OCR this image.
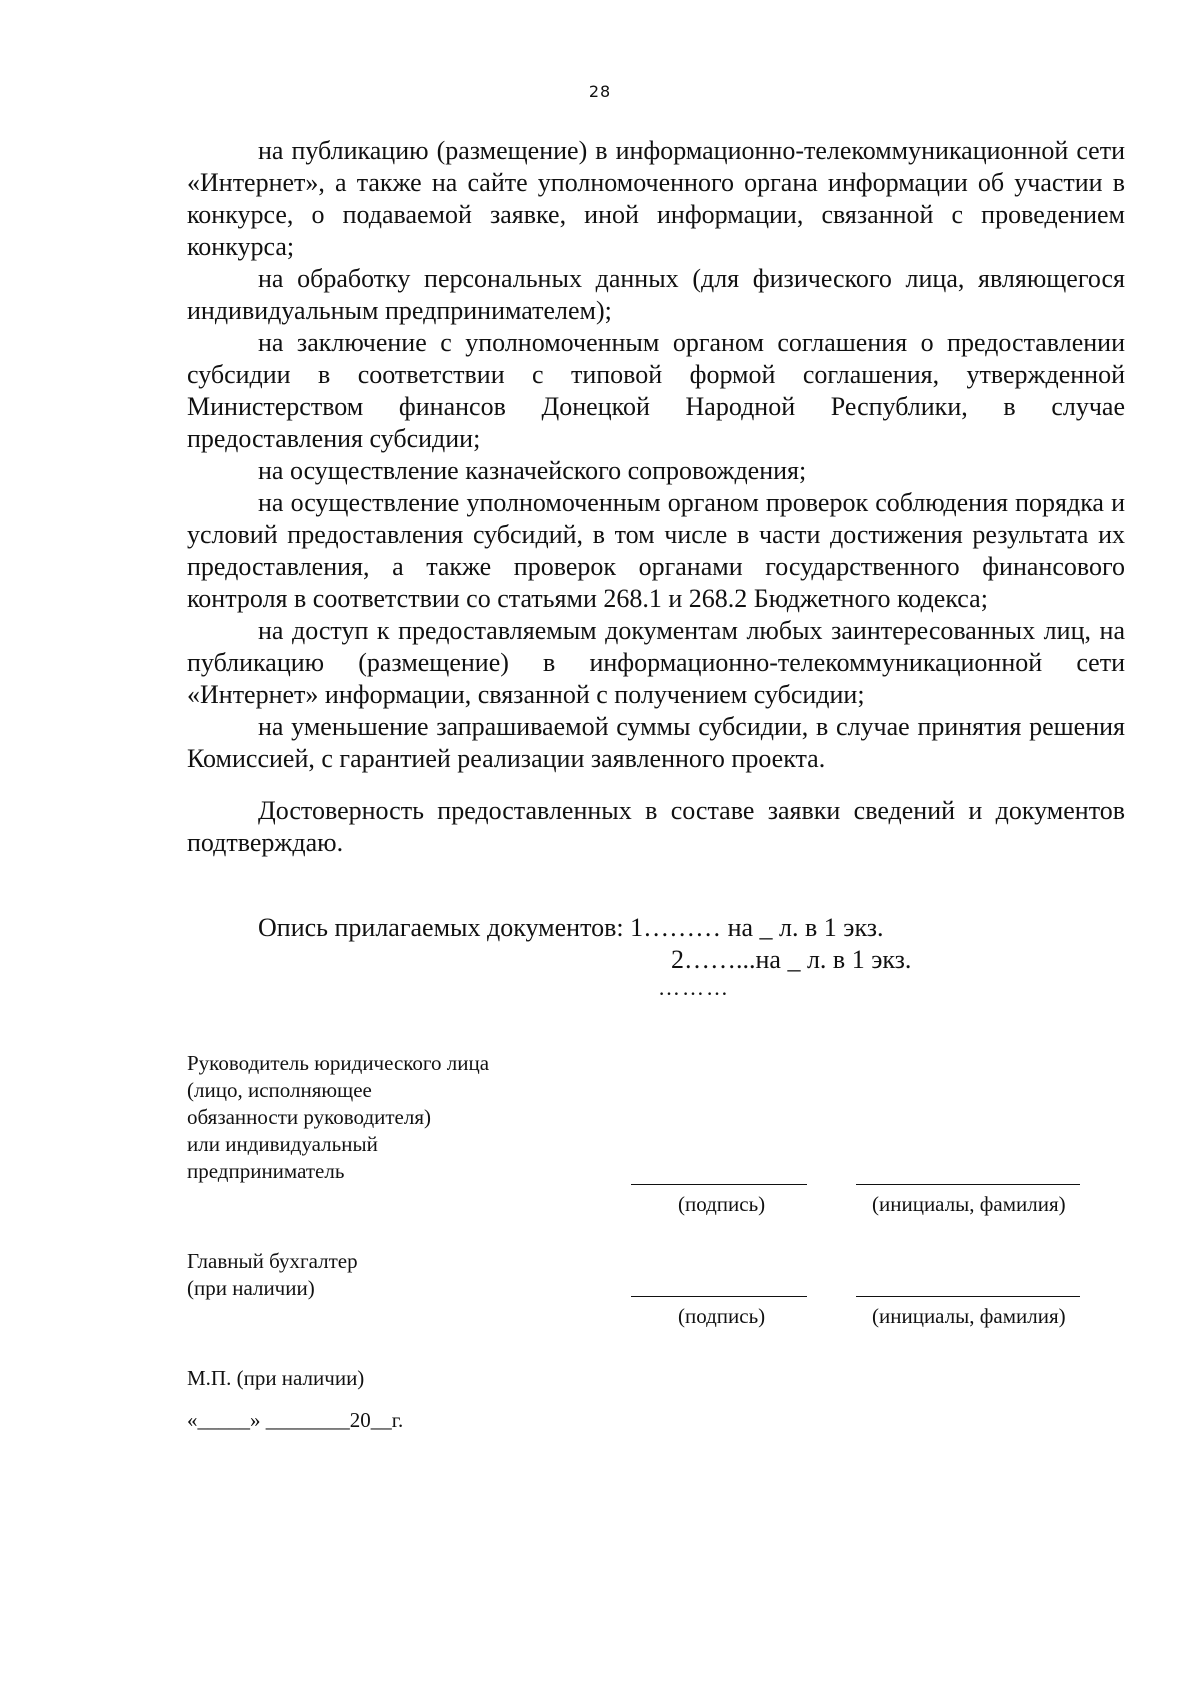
28

на публикацию (размещение) в информационно-телекоммуникационной сети «Интернет», а также на сайте уполномоченного органа информации об участии в конкурсе, о подаваемой заявке, иной информации, связанной с проведением конкурса;

на обработку персональных данных (для физического лица, являющегося индивидуальным предпринимателем);

на заключение с уполномоченным органом соглашения о предоставлении субсидии в соответствии с типовой формой соглашения, утвержденной Министерством финансов Донецкой Народной Республики, в случае предоставления субсидии;

на осуществление казначейского сопровождения;

на осуществление уполномоченным органом проверок соблюдения порядка и условий предоставления субсидий, в том числе в части достижения результата их предоставления, а также проверок органами государственного финансового контроля в соответствии со статьями 268.1 и 268.2 Бюджетного кодекса;

на доступ к предоставляемым документам любых заинтересованных лиц, на публикацию (размещение) в информационно-телекоммуникационной сети «Интернет» информации, связанной с получением субсидии;

на уменьшение запрашиваемой суммы субсидии, в случае принятия решения Комиссией, с гарантией реализации заявленного проекта.

Достоверность предоставленных в составе заявки сведений и документов подтверждаю.

Опись прилагаемых документов: 1……… на _ л. в 1 экз.
2……...на _ л. в 1 экз.
………
Руководитель юридического лица
(лицо, исполняющее
обязанности руководителя)
или индивидуальный
предприниматель
(подпись)	(инициалы, фамилия)
Главный бухгалтер
(при наличии)
(подпись)	(инициалы, фамилия)
М.П. (при наличии)
«_____» ________20__г.
